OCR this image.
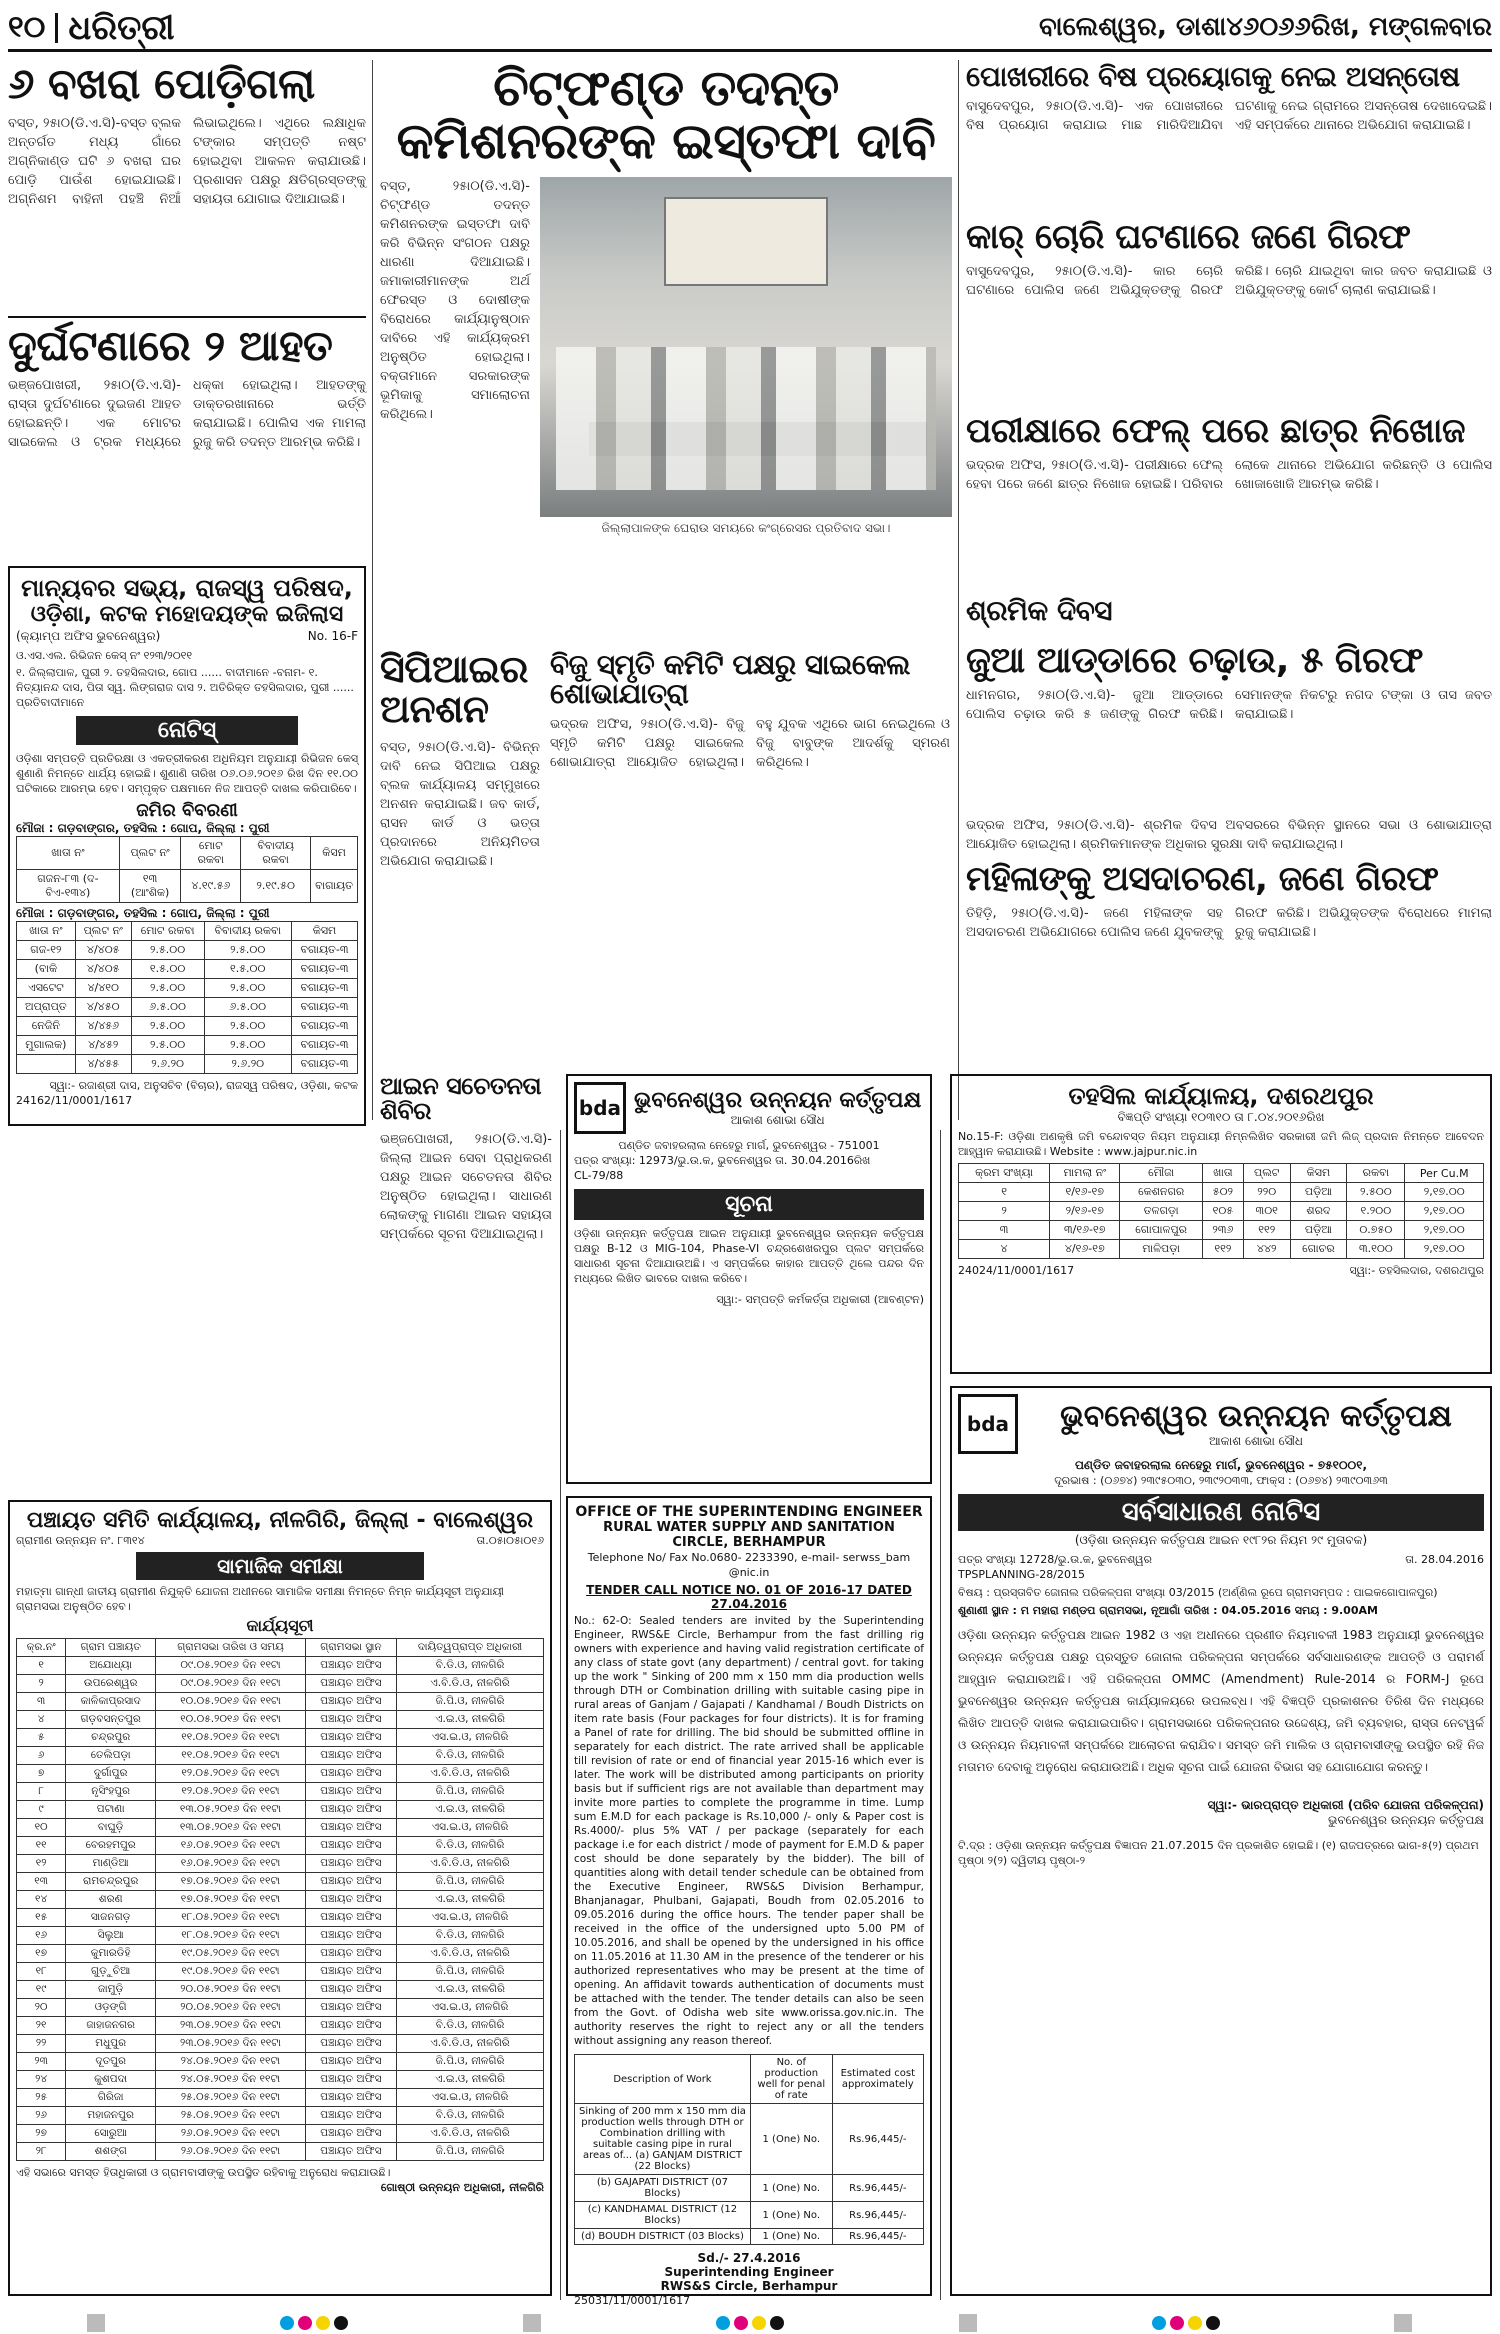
୧୦ ଧରିତ୍ରୀ	ବାଲେଶ୍ୱର, ଡାଶା୪୬୦୬୬ରିଖ, ମଙ୍ଗଳବାର
୬ ବଖରା ପୋଡ଼ିଗଲା
ବସ୍ତ, ୨୫ା୦(ଡି.ଏ.ସି)-ବସ୍ତ ବ୍ଲକ ଅନ୍ତର୍ଗତ ମଧ୍ୟ ଗାଁରେ ଅଗ୍ନିକାଣ୍ଡ ଘଟି ୬ ବଖରା ଘର ପୋଡ଼ି ପାଉଁଶ ହୋଇଯାଇଛି। ଅଗ୍ନିଶମ ବାହିନୀ ପହଞ୍ଚି ନିଆଁ ଲିଭାଇଥିଲେ। ଏଥିରେ ଲକ୍ଷାଧିକ ଟଙ୍କାର ସମ୍ପତ୍ତି ନଷ୍ଟ ହୋଇଥିବା ଆକଳନ କରାଯାଉଛି। ପ୍ରଶାସନ ପକ୍ଷରୁ କ୍ଷତିଗ୍ରସ୍ତଙ୍କୁ ସହାୟତା ଯୋଗାଇ ଦିଆଯାଇଛି।
ଦୁର୍ଘଟଣାରେ ୨ ଆହତ
ଭଞ୍ଜପୋଖରୀ, ୨୫ା୦(ଡି.ଏ.ସି)- ରାସ୍ତା ଦୁର୍ଘଟଣାରେ ଦୁଇଜଣ ଆହତ ହୋଇଛନ୍ତି। ଏକ ମୋଟର ସାଇକେଲ ଓ ଟ୍ରକ ମଧ୍ୟରେ ଧକ୍କା ହୋଇଥିଲା। ଆହତଙ୍କୁ ଡାକ୍ତରଖାନାରେ ଭର୍ତ୍ତି କରାଯାଇଛି। ପୋଲିସ ଏକ ମାମଲା ରୁଜୁ କରି ତଦନ୍ତ ଆରମ୍ଭ କରିଛି।
ମାନ୍ୟବର ସଭ୍ୟ, ରାଜସ୍ୱ ପରିଷଦ,
ଓଡ଼ିଶା, କଟକ ମହୋଦୟଙ୍କ ଇଜିଲାସ
(କ୍ୟାମ୍ପ ଅଫିସ ଭୁବନେଶ୍ୱର)	No. 16-F
ଓ.ଏସ.ଏଲ. ରିଭିଜନ କେସ୍ ନଂ ୧୨୩/୨୦୧୧
୧. ଜିଲ୍ଲାପାଳ, ପୁରୀ ୨. ତହସିଲଦାର, ଗୋପ ...... ବାଦୀମାନେ -ବନାମ- ୧. ନିତ୍ୟାନନ୍ଦ ଦାସ, ପିତା ସ୍ୱ. ଲିଙ୍ଗରାଜ ଦାସ ୨. ଅତିରିକ୍ତ ତହସିଲଦାର, ପୁରୀ ...... ପ୍ରତିବାଦୀମାନେ
ନୋଟିସ୍
ଓଡ଼ିଶା ସମ୍ପତ୍ତି ପ୍ରତିରକ୍ଷା ଓ ଏକତ୍ରୀକରଣ ଅଧିନିୟମ ଅନୁଯାୟୀ ରିଭିଜନ କେସ୍ ଶୁଣାଣି ନିମନ୍ତେ ଧାର୍ଯ୍ୟ ହୋଇଛି। ଶୁଣାଣି ତାରିଖ ୦୬.୦୬.୨୦୧୬ ରିଖ ଦିନ ୧୧.୦୦ ଘଟିକାରେ ଆରମ୍ଭ ହେବ। ସମ୍ପୃକ୍ତ ପକ୍ଷମାନେ ନିଜ ଆପତ୍ତି ଦାଖଲ କରିପାରିବେ।
ଜମିର ବିବରଣୀ
ମୌଜା : ଗଡ଼ବାଙ୍ଗର, ତହସିଲ : ଗୋପ, ଜିଲ୍ଲା : ପୁରୀ
ଖାତା ନଂ	ପ୍ଲଟ ନଂ	ମୋଟ ରକବା	ବିବାଦୀୟ ରକବା	କିସମ
ଗଜନ-୮୩ (ଦ-ବିଏ-୧୩୪)	୧୩ (ଆଂଶିକ)	୪.୧୯.୫୬	୨.୧୯.୫୦	ବାଗାୟତ
ମୌଜା : ଗଡ଼ବାଙ୍ଗର, ତହସିଲ : ଗୋପ, ଜିଲ୍ଲା : ପୁରୀ
ଖାତା ନଂ	ପ୍ଲଟ ନଂ	ମୋଟ ରକବା	ବିବାଦୀୟ ରକବା	କିସମ
ଗଜ-୧୨	୪/୪୦୫	୨.୫.୦୦	୨.୫.୦୦	ବଗାୟତ-୩
(ବାକି	୪/୪୦୫	୧.୫.୦୦	୧.୫.୦୦	ବଗାୟତ-୩
ଏସଟେଟ	୪/୪୧୦	୨.୫.୦୦	୨.୫.୦୦	ବଗାୟତ-୩
ଅପ୍ରାପ୍ତ	୪/୪୫୦	୬.୫.୦୦	୬.୫.୦୦	ବଗାୟତ-୩
ନେଜିନି	୪/୪୫୬	୨.୫.୦୦	୨.୫.୦୦	ବଗାୟତ-୩
ମୁଗାଲକ)	୪/୪୫୨	୨.୫.୦୦	୨.୫.୦୦	ବଗାୟତ-୩
	୪/୪୫୫	୨.୬.୨୦	୨.୬.୨୦	ବଗାୟତ-୩
ସ୍ୱା:- ରଜାଶ୍ରୀ ଦାସ, ଅନୁସଚିବ (ବିଚାର), ରାଜସ୍ୱ ପରିଷଦ, ଓଡ଼ିଶା, କଟକ
24162/11/0001/1617
ଚିଟ୍‌ଫଣ୍ଡ ତଦନ୍ତ କମିଶନରଙ୍କ ଇସ୍ତଫା ଦାବି
ବସ୍ତ, ୨୫ା୦(ଡି.ଏ.ସି)- ଚିଟ୍‌ଫଣ୍ଡ ତଦନ୍ତ କମିଶନରଙ୍କ ଇସ୍ତଫା ଦାବି କରି ବିଭିନ୍ନ ସଂଗଠନ ପକ୍ଷରୁ ଧାରଣା ଦିଆଯାଇଛି। ଜମାକାରୀମାନଙ୍କ ଅର୍ଥ ଫେରସ୍ତ ଓ ଦୋଷୀଙ୍କ ବିରୋଧରେ କାର୍ଯ୍ୟାନୁଷ୍ଠାନ ଦାବିରେ ଏହି କାର୍ଯ୍ୟକ୍ରମ ଅନୁଷ୍ଠିତ ହୋଇଥିଲା। ବକ୍ତାମାନେ ସରକାରଙ୍କ ଭୂମିକାକୁ ସମାଲୋଚନା କରିଥିଲେ।
ଜିଲ୍ଲାପାଳଙ୍କ ଘେରାଉ ସମୟରେ କଂଗ୍ରେସର ପ୍ରତିବାଦ ସଭା।
ପୋଖରୀରେ ବିଷ ପ୍ରୟୋଗକୁ ନେଇ ଅସନ୍ତୋଷ
ବାସୁଦେବପୁର, ୨୫ା୦(ଡି.ଏ.ସି)- ଏକ ପୋଖରୀରେ ବିଷ ପ୍ରୟୋଗ କରାଯାଇ ମାଛ ମାରିଦିଆଯିବା ଘଟଣାକୁ ନେଇ ଗ୍ରାମରେ ଅସନ୍ତୋଷ ଦେଖାଦେଇଛି। ଏହି ସମ୍ପର୍କରେ ଥାନାରେ ଅଭିଯୋଗ କରାଯାଇଛି।
କାର୍ ଚୋରି ଘଟଣାରେ ଜଣେ ଗିରଫ
ବାସୁଦେବପୁର, ୨୫ା୦(ଡି.ଏ.ସି)- କାର ଚୋରି ଘଟଣାରେ ପୋଲିସ ଜଣେ ଅଭିଯୁକ୍ତଙ୍କୁ ଗିରଫ କରିଛି। ଚୋରି ଯାଇଥିବା କାର ଜବତ କରାଯାଇଛି ଓ ଅଭିଯୁକ୍ତଙ୍କୁ କୋର୍ଟ ଚାଲାଣ କରାଯାଇଛି।
ପରୀକ୍ଷାରେ ଫେଲ୍ ପରେ ଛାତ୍ର ନିଖୋଜ
ଭଦ୍ରକ ଅଫିସ, ୨୫ା୦(ଡି.ଏ.ସି)- ପରୀକ୍ଷାରେ ଫେଲ୍ ହେବା ପରେ ଜଣେ ଛାତ୍ର ନିଖୋଜ ହୋଇଛି। ପରିବାର ଲୋକେ ଥାନାରେ ଅଭିଯୋଗ କରିଛନ୍ତି ଓ ପୋଲିସ ଖୋଜାଖୋଜି ଆରମ୍ଭ କରିଛି।
ଜୁଆ ଆଡ୍ଡାରେ ଚଢ଼ାଉ, ୫ ଗିରଫ
ଧାମନଗର, ୨୫ା୦(ଡି.ଏ.ସି)- ଜୁଆ ଆଡ୍ଡାରେ ପୋଲିସ ଚଢ଼ାଉ କରି ୫ ଜଣଙ୍କୁ ଗିରଫ କରିଛି। ସେମାନଙ୍କ ନିକଟରୁ ନଗଦ ଟଙ୍କା ଓ ତାସ ଜବତ କରାଯାଇଛି।
ମହିଳାଙ୍କୁ ଅସଦାଚରଣ, ଜଣେ ଗିରଫ
ତିହିଡ଼ି, ୨୫ା୦(ଡି.ଏ.ସି)- ଜଣେ ମହିଳାଙ୍କ ସହ ଅସଦାଚରଣ ଅଭିଯୋଗରେ ପୋଲିସ ଜଣେ ଯୁବକଙ୍କୁ ଗିରଫ କରିଛି। ଅଭିଯୁକ୍ତଙ୍କ ବିରୋଧରେ ମାମଲା ରୁଜୁ କରାଯାଇଛି।
ସିପିଆଇର ଅନଶନ
ବସ୍ତ, ୨୫ା୦(ଡି.ଏ.ସି)- ବିଭିନ୍ନ ଦାବି ନେଇ ସିପିଆଇ ପକ୍ଷରୁ ବ୍ଲକ କାର୍ଯ୍ୟାଳୟ ସମ୍ମୁଖରେ ଅନଶନ କରାଯାଇଛି। ଜବ କାର୍ଡ, ରାସନ କାର୍ଡ ଓ ଭତ୍ତା ପ୍ରଦାନରେ ଅନିୟମିତତା ଅଭିଯୋଗ କରାଯାଇଛି।
ବିଜୁ ସ୍ମୃତି କମିଟି ପକ୍ଷରୁ ସାଇକେଲ ଶୋଭାଯାତ୍ରା
ଭଦ୍ରକ ଅଫିସ, ୨୫ା୦(ଡି.ଏ.ସି)- ବିଜୁ ସ୍ମୃତି କମିଟି ପକ୍ଷରୁ ସାଇକେଲ ଶୋଭାଯାତ୍ରା ଆୟୋଜିତ ହୋଇଥିଲା। ବହୁ ଯୁବକ ଏଥିରେ ଭାଗ ନେଇଥିଲେ ଓ ବିଜୁ ବାବୁଙ୍କ ଆଦର୍ଶକୁ ସ୍ମରଣ କରିଥିଲେ।
ଶ୍ରମିକ ଦିବସ
ଭଦ୍ରକ ଅଫିସ, ୨୫ା୦(ଡି.ଏ.ସି)- ଶ୍ରମିକ ଦିବସ ଅବସରରେ ବିଭିନ୍ନ ସ୍ଥାନରେ ସଭା ଓ ଶୋଭାଯାତ୍ରା ଆୟୋଜିତ ହୋଇଥିଲା। ଶ୍ରମିକମାନଙ୍କ ଅଧିକାର ସୁରକ୍ଷା ଦାବି କରାଯାଇଥିଲା।
ଆଇନ ସଚେତନତା ଶିବିର
ଭଞ୍ଜପୋଖରୀ, ୨୫ା୦(ଡି.ଏ.ସି)- ଜିଲ୍ଲା ଆଇନ ସେବା ପ୍ରାଧିକରଣ ପକ୍ଷରୁ ଆଇନ ସଚେତନତା ଶିବିର ଅନୁଷ୍ଠିତ ହୋଇଥିଲା। ସାଧାରଣ ଲୋକଙ୍କୁ ମାଗଣା ଆଇନ ସହାୟତା ସମ୍ପର୍କରେ ସୂଚନା ଦିଆଯାଇଥିଲା।
bda ଭୁବନେଶ୍ୱର ଉନ୍ନୟନ କର୍ତ୍ତୃପକ୍ଷ
ଆକାଶ ଶୋଭା ସୌଧ
ପଣ୍ଡିତ ଜବାହରଲାଲ ନେହେରୁ ମାର୍ଗ, ଭୁବନେଶ୍ୱର - 751001
ପତ୍ର ସଂଖ୍ୟା: 12973/ଭୁ.ଉ.କ, ଭୁବନେଶ୍ୱର ତା. 30.04.2016ରିଖ
CL-79/88
ସୂଚନା
ଓଡ଼ିଶା ଉନ୍ନୟନ କର୍ତ୍ତୃପକ୍ଷ ଆଇନ ଅନୁଯାୟୀ ଭୁବନେଶ୍ୱର ଉନ୍ନୟନ କର୍ତ୍ତୃପକ୍ଷ ପକ୍ଷରୁ B-12 ଓ MIG-104, Phase-VI ଚନ୍ଦ୍ରଶେଖରପୁର ପ୍ଲଟ ସମ୍ପର୍କରେ ସାଧାରଣ ସୂଚନା ଦିଆଯାଉଅଛି। ଏ ସମ୍ପର୍କରେ କାହାର ଆପତ୍ତି ଥିଲେ ପନ୍ଦର ଦିନ ମଧ୍ୟରେ ଲିଖିତ ଭାବରେ ଦାଖଲ କରିବେ।
ସ୍ୱା:- ସମ୍ପତ୍ତି କର୍ମକର୍ତ୍ତା ଅଧିକାରୀ (ଆବଣ୍ଟନ)
OFFICE OF THE SUPERINTENDING ENGINEER
RURAL WATER SUPPLY AND SANITATION CIRCLE, BERHAMPUR
Telephone No/ Fax No.0680- 2233390, e-mail- serwss_bam @nic.in
TENDER CALL NOTICE NO. 01 OF 2016-17 DATED 27.04.2016
No.: 62-O: Sealed tenders are invited by the Superintending Engineer, RWS&E Circle, Berhampur from the fast drilling rig owners with experience and having valid registration certificate of any class of state govt (any department) / central govt. for taking up the work " Sinking of 200 mm x 150 mm dia production wells through DTH or Combination drilling with suitable casing pipe in rural areas of Ganjam / Gajapati / Kandhamal / Boudh Districts on item rate basis (Four packages for four districts). It is for framing a Panel of rate for drilling. The bid should be submitted offline in separately for each district. The rate arrived shall be applicable till revision of rate or end of financial year 2015-16 which ever is later. The work will be distributed among participants on priority basis but if sufficient rigs are not available than department may invite more parties to complete the programme in time. Lump sum E.M.D for each package is Rs.10,000 /- only & Paper cost is Rs.4000/- plus 5% VAT / per package (separately for each package i.e for each district / mode of payment for E.M.D & paper cost should be done separately by the bidder). The bill of quantities along with detail tender schedule can be obtained from the Executive Engineer, RWS&S Division Berhampur, Bhanjanagar, Phulbani, Gajapati, Boudh from 02.05.2016 to 09.05.2016 during the office hours. The tender paper shall be received in the office of the undersigned upto 5.00 PM of 10.05.2016, and shall be opened by the undersigned in his office on 11.05.2016 at 11.30 AM in the presence of the tenderer or his authorized representatives who may be present at the time of opening. An affidavit towards authentication of documents must be attached with the tender. The tender details can also be seen from the Govt. of Odisha web site www.orissa.gov.nic.in. The authority reserves the right to reject any or all the tenders without assigning any reason thereof.
Description of Work	No. of production well for penal of rate	Estimated cost approximately
Sinking of 200 mm x 150 mm dia production wells through DTH or Combination drilling with suitable casing pipe in rural areas of... (a) GANJAM DISTRICT (22 Blocks)	1 (One) No.	Rs.96,445/-
(b) GAJAPATI DISTRICT (07 Blocks)	1 (One) No.	Rs.96,445/-
(c) KANDHAMAL DISTRICT (12 Blocks)	1 (One) No.	Rs.96,445/-
(d) BOUDH DISTRICT (03 Blocks)	1 (One) No.	Rs.96,445/-
Sd./- 27.4.2016
Superintending Engineer
RWS&S Circle, Berhampur
25031/11/0001/1617
ତହସିଲ କାର୍ଯ୍ୟାଳୟ, ଦଶରଥପୁର
ବିଜ୍ଞପ୍ତି ସଂଖ୍ୟା ୧୦୩୧୦ ତା ୮.୦୪.୨୦୧୬ରିଖ
No.15-F: ଓଡ଼ିଶା ଅଣକୃଷି ଜମି ବନ୍ଦୋବସ୍ତ ନିୟମ ଅନୁଯାୟୀ ନିମ୍ନଲିଖିତ ସରକାରୀ ଜମି ଲିଜ୍ ପ୍ରଦାନ ନିମନ୍ତେ ଆବେଦନ ଆହ୍ୱାନ କରାଯାଉଛି। Website : www.jajpur.nic.in
କ୍ରମ ସଂଖ୍ୟା	ମାମଲା ନଂ	ମୌଜା	ଖାତା	ପ୍ଲଟ	କିସମ	ରକବା	Per Cu.M
୧	୧/୧୬-୧୭	କେଶନଗର	୫୦୨	୨୨୦	ପଡ଼ିଆ	୨.୫୦୦	୨,୧୭.୦୦
୨	୨/୧୬-୧୭	ତଳଗଡ଼ା	୧୦୫	୩୦୧	ଶରଦ	୧.୨୦୦	୨,୧୭.୦୦
୩	୩/୧୬-୧୭	ଗୋପାଳପୁର	୨୩୬	୧୧୨	ପଡ଼ିଆ	୦.୭୫୦	୨,୧୭.୦୦
୪	୪/୧୬-୧୭	ମାଳିପଡ଼ା	୧୧୨	୪୪୨	ଗୋଚର	୩.୧୦୦	୨,୧୭.୦୦
24024/11/0001/1617	ସ୍ୱା:- ତହସିଲଦାର, ଦଶରଥପୁର
bda	ଭୁବନେଶ୍ୱର ଉନ୍ନୟନ କର୍ତ୍ତୃପକ୍ଷ
ଆକାଶ ଶୋଭା ସୌଧ
ପଣ୍ଡିତ ଜବାହରଲାଲ ନେହେରୁ ମାର୍ଗ, ଭୁବନେଶ୍ୱର - ୭୫୧୦୦୧,
ଦୂରଭାଷ : (୦୬୭୪) ୨୩୯୫୦୩୦, ୨୩୯୨୦୩୩, ଫାକ୍ସ : (୦୬୭୪) ୨୩୯୦୩୬୩
ସର୍ବସାଧାରଣ ନୋଟିସ
(ଓଡ଼ିଶା ଉନ୍ନୟନ କର୍ତ୍ତୃପକ୍ଷ ଆଇନ ୧୯୮୨ର ନିୟମ ୨୯ ମୁତାବକ)
ପତ୍ର ସଂଖ୍ୟା 12728/ଭୁ.ଉ.କ, ଭୁବନେଶ୍ୱର	ତା. 28.04.2016
TPSPLANNING-28/2015
ବିଷୟ : ପ୍ରସ୍ତାବିତ ଜୋନାଲ ପରିକଳ୍ପନା ସଂଖ୍ୟା 03/2015 (ଅର୍ଣ୍ଣିଲ ରୂପେ ଗ୍ରାମସମ୍ପଦ : ପାଇକଗୋପାଳପୁର)
ଶୁଣାଣୀ ସ୍ଥାନ : ମ ମହାରା ମଣ୍ଡପ ଗ୍ରାମସଭା, ନୂଆଗାଁ ତାରିଖ : 04.05.2016 ସମୟ : 9.00AM
ଓଡ଼ିଶା ଉନ୍ନୟନ କର୍ତ୍ତୃପକ୍ଷ ଆଇନ 1982 ଓ ଏହା ଅଧୀନରେ ପ୍ରଣୀତ ନିୟମାବଳୀ 1983 ଅନୁଯାୟୀ ଭୁବନେଶ୍ୱର ଉନ୍ନୟନ କର୍ତ୍ତୃପକ୍ଷ ପକ୍ଷରୁ ପ୍ରସ୍ତୁତ ଜୋନାଲ ପରିକଳ୍ପନା ସମ୍ପର୍କରେ ସର୍ବସାଧାରଣଙ୍କ ଆପତ୍ତି ଓ ପରାମର୍ଶ ଆହ୍ୱାନ କରାଯାଉଅଛି। ଏହି ପରିକଳ୍ପନା OMMC (Amendment) Rule-2014 ର FORM-J ରୂପେ ଭୁବନେଶ୍ୱର ଉନ୍ନୟନ କର୍ତ୍ତୃପକ୍ଷ କାର୍ଯ୍ୟାଳୟରେ ଉପଲବ୍ଧ। ଏହି ବିଜ୍ଞପ୍ତି ପ୍ରକାଶନର ତିରିଶ ଦିନ ମଧ୍ୟରେ ଲିଖିତ ଆପତ୍ତି ଦାଖଲ କରାଯାଇପାରିବ। ଗ୍ରାମସଭାରେ ପରିକଳ୍ପନାର ଉଦ୍ଦେଶ୍ୟ, ଜମି ବ୍ୟବହାର, ରାସ୍ତା ନେଟୱର୍କ ଓ ଉନ୍ନୟନ ନିୟମାବଳୀ ସମ୍ପର୍କରେ ଆଲୋଚନା କରାଯିବ। ସମସ୍ତ ଜମି ମାଲିକ ଓ ଗ୍ରାମବାସୀଙ୍କୁ ଉପସ୍ଥିତ ରହି ନିଜ ମତାମତ ଦେବାକୁ ଅନୁରୋଧ କରାଯାଉଅଛି। ଅଧିକ ସୂଚନା ପାଇଁ ଯୋଜନା ବିଭାଗ ସହ ଯୋଗାଯୋଗ କରନ୍ତୁ।
ସ୍ୱା:- ଭାରପ୍ରାପ୍ତ ଅଧିକାରୀ (ପରିବ ଯୋଜନା ପରିକଳ୍ପନା)
ଭୁବନେଶ୍ୱର ଉନ୍ନୟନ କର୍ତ୍ତୃପକ୍ଷ
ଟି.ଦ୍ର : ଓଡ଼ିଶା ଉନ୍ନୟନ କର୍ତ୍ତୃପକ୍ଷ ବିଜ୍ଞାପନ 21.07.2015 ଦିନ ପ୍ରକାଶିତ ହୋଇଛି। (୧) ରାଜପତ୍ରରେ ଭାଗ-୫(୨) ପ୍ରଥମ ପୃଷ୍ଠା ୨(୨) ଦ୍ୱିତୀୟ ପୃଷ୍ଠା-୨
ପଞ୍ଚାୟତ ସମିତି କାର୍ଯ୍ୟାଳୟ, ନୀଳଗିରି, ଜିଲ୍ଲା - ବାଲେଶ୍ୱର
ଗ୍ରାମୀଣ ଉନ୍ନୟନ ନଂ. ୮୩୧୪	ତା.୦୫ା୦୫ା୦୧୬
ସାମାଜିକ ସମୀକ୍ଷା
ମହାତ୍ମା ଗାନ୍ଧୀ ଜାତୀୟ ଗ୍ରାମୀଣ ନିଯୁକ୍ତି ଯୋଜନା ଅଧୀନରେ ସାମାଜିକ ସମୀକ୍ଷା ନିମନ୍ତେ ନିମ୍ନ କାର୍ଯ୍ୟସୂଚୀ ଅନୁଯାୟୀ ଗ୍ରାମସଭା ଅନୁଷ୍ଠିତ ହେବ।
କାର୍ଯ୍ୟସୂଚୀ
କ୍ର.ନଂ	ଗ୍ରାମ ପଞ୍ଚାୟତ	ଗ୍ରାମସଭା ତାରିଖ ଓ ସମୟ	ଗ୍ରାମସଭା ସ୍ଥାନ	ଦାୟିତ୍ୱପ୍ରାପ୍ତ ଅଧିକାରୀ
୧	ଅଯୋଧ୍ୟା	୦୯.୦୫.୨୦୧୬ ଦିନ ୧୧ଟା	ପଞ୍ଚାୟତ ଅଫିସ	ବି.ଡି.ଓ, ନୀଳଗିରି
୨	ଉପରେଶ୍ୱର	୦୯.୦୫.୨୦୧୬ ଦିନ ୧୧ଟା	ପଞ୍ଚାୟତ ଅଫିସ	ଏ.ବି.ଡି.ଓ, ନୀଳଗିରି
୩	କାଳିକାପ୍ରସାଦ	୧୦.୦୫.୨୦୧୬ ଦିନ ୧୧ଟା	ପଞ୍ଚାୟତ ଅଫିସ	ଜି.ପି.ଓ, ନୀଳଗିରି
୪	ଗଡ଼ବସନ୍ତପୁର	୧୦.୦୫.୨୦୧୬ ଦିନ ୧୧ଟା	ପଞ୍ଚାୟତ ଅଫିସ	ଏ.ଇ.ଓ, ନୀଳଗିରି
୫	ଚନ୍ଦ୍ରପୁର	୧୧.୦୫.୨୦୧୬ ଦିନ ୧୧ଟା	ପଞ୍ଚାୟତ ଅଫିସ	ଏସ.ଇ.ଓ, ନୀଳଗିରି
୬	ତେଲିପଡ଼ା	୧୧.୦୫.୨୦୧୬ ଦିନ ୧୧ଟା	ପଞ୍ଚାୟତ ଅଫିସ	ବି.ଡି.ଓ, ନୀଳଗିରି
୭	ଦୁର୍ଗାପୁର	୧୨.୦୫.୨୦୧୬ ଦିନ ୧୧ଟା	ପଞ୍ଚାୟତ ଅଫିସ	ଏ.ବି.ଡି.ଓ, ନୀଳଗିରି
୮	ନୃସିଂହପୁର	୧୨.୦୫.୨୦୧୬ ଦିନ ୧୧ଟା	ପଞ୍ଚାୟତ ଅଫିସ	ଜି.ପି.ଓ, ନୀଳଗିରି
୯	ପଟାଣା	୧୩.୦୫.୨୦୧୬ ଦିନ ୧୧ଟା	ପଞ୍ଚାୟତ ଅଫିସ	ଏ.ଇ.ଓ, ନୀଳଗିରି
୧୦	ବାଘୁଡ଼ି	୧୩.୦୫.୨୦୧୬ ଦିନ ୧୧ଟା	ପଞ୍ଚାୟତ ଅଫିସ	ଏସ.ଇ.ଓ, ନୀଳଗିରି
୧୧	ବେରହମପୁର	୧୬.୦୫.୨୦୧୬ ଦିନ ୧୧ଟା	ପଞ୍ଚାୟତ ଅଫିସ	ବି.ଡି.ଓ, ନୀଳଗିରି
୧୨	ମାଣ୍ଡିଆ	୧୬.୦୫.୨୦୧୬ ଦିନ ୧୧ଟା	ପଞ୍ଚାୟତ ଅଫିସ	ଏ.ବି.ଡି.ଓ, ନୀଳଗିରି
୧୩	ରାମଚନ୍ଦ୍ରପୁର	୧୭.୦୫.୨୦୧୬ ଦିନ ୧୧ଟା	ପଞ୍ଚାୟତ ଅଫିସ	ଜି.ପି.ଓ, ନୀଳଗିରି
୧୪	ଶରଣ	୧୭.୦୫.୨୦୧୬ ଦିନ ୧୧ଟା	ପଞ୍ଚାୟତ ଅଫିସ	ଏ.ଇ.ଓ, ନୀଳଗିରି
୧୫	ସାଜନଗଡ଼	୧୮.୦୫.୨୦୧୬ ଦିନ ୧୧ଟା	ପଞ୍ଚାୟତ ଅଫିସ	ଏସ.ଇ.ଓ, ନୀଳଗିରି
୧୬	ସିଲୁଆ	୧୮.୦୫.୨୦୧୬ ଦିନ ୧୧ଟା	ପଞ୍ଚାୟତ ଅଫିସ	ବି.ଡି.ଓ, ନୀଳଗିରି
୧୭	କୁମାରଡିହି	୧୯.୦୫.୨୦୧୬ ଦିନ ୧୧ଟା	ପଞ୍ଚାୟତ ଅଫିସ	ଏ.ବି.ଡି.ଓ, ନୀଳଗିରି
୧୮	ଗୁଡ଼ୁଚିଆ	୧୯.୦୫.୨୦୧୬ ଦିନ ୧୧ଟା	ପଞ୍ଚାୟତ ଅଫିସ	ଜି.ପି.ଓ, ନୀଳଗିରି
୧୯	ଜାମୁଡ଼ି	୨୦.୦୫.୨୦୧୬ ଦିନ ୧୧ଟା	ପଞ୍ଚାୟତ ଅଫିସ	ଏ.ଇ.ଓ, ନୀଳଗିରି
୨୦	ଓଡ଼ଙ୍ଗି	୨୦.୦୫.୨୦୧୬ ଦିନ ୧୧ଟା	ପଞ୍ଚାୟତ ଅଫିସ	ଏସ.ଇ.ଓ, ନୀଳଗିରି
୨୧	ଜାହାଜନଗର	୨୩.୦୫.୨୦୧୬ ଦିନ ୧୧ଟା	ପଞ୍ଚାୟତ ଅଫିସ	ବି.ଡି.ଓ, ନୀଳଗିରି
୨୨	ମଧୁପୁର	୨୩.୦୫.୨୦୧୬ ଦିନ ୧୧ଟା	ପଞ୍ଚାୟତ ଅଫିସ	ଏ.ବି.ଡି.ଓ, ନୀଳଗିରି
୨୩	ଦୂତପୁର	୨୪.୦୫.୨୦୧୬ ଦିନ ୧୧ଟା	ପଞ୍ଚାୟତ ଅଫିସ	ଜି.ପି.ଓ, ନୀଳଗିରି
୨୪	କୁଶପଦା	୨୪.୦୫.୨୦୧୬ ଦିନ ୧୧ଟା	ପଞ୍ଚାୟତ ଅଫିସ	ଏ.ଇ.ଓ, ନୀଳଗିରି
୨୫	ଗିରିଜା	୨୫.୦୫.୨୦୧୬ ଦିନ ୧୧ଟା	ପଞ୍ଚାୟତ ଅଫିସ	ଏସ.ଇ.ଓ, ନୀଳଗିରି
୨୬	ମହାଜନପୁର	୨୫.୦୫.୨୦୧୬ ଦିନ ୧୧ଟା	ପଞ୍ଚାୟତ ଅଫିସ	ବି.ଡି.ଓ, ନୀଳଗିରି
୨୭	ସୋରୁଆ	୨୬.୦୫.୨୦୧୬ ଦିନ ୧୧ଟା	ପଞ୍ଚାୟତ ଅଫିସ	ଏ.ବି.ଡି.ଓ, ନୀଳଗିରି
୨୮	ଶଶଙ୍ଗ	୨୬.୦୫.୨୦୧୬ ଦିନ ୧୧ଟା	ପଞ୍ଚାୟତ ଅଫିସ	ଜି.ପି.ଓ, ନୀଳଗିରି
ଏହି ସଭାରେ ସମସ୍ତ ହିତାଧିକାରୀ ଓ ଗ୍ରାମବାସୀଙ୍କୁ ଉପସ୍ଥିତ ରହିବାକୁ ଅନୁରୋଧ କରାଯାଉଛି।
ଗୋଷ୍ଠୀ ଉନ୍ନୟନ ଅଧିକାରୀ, ନୀଳଗିରି
